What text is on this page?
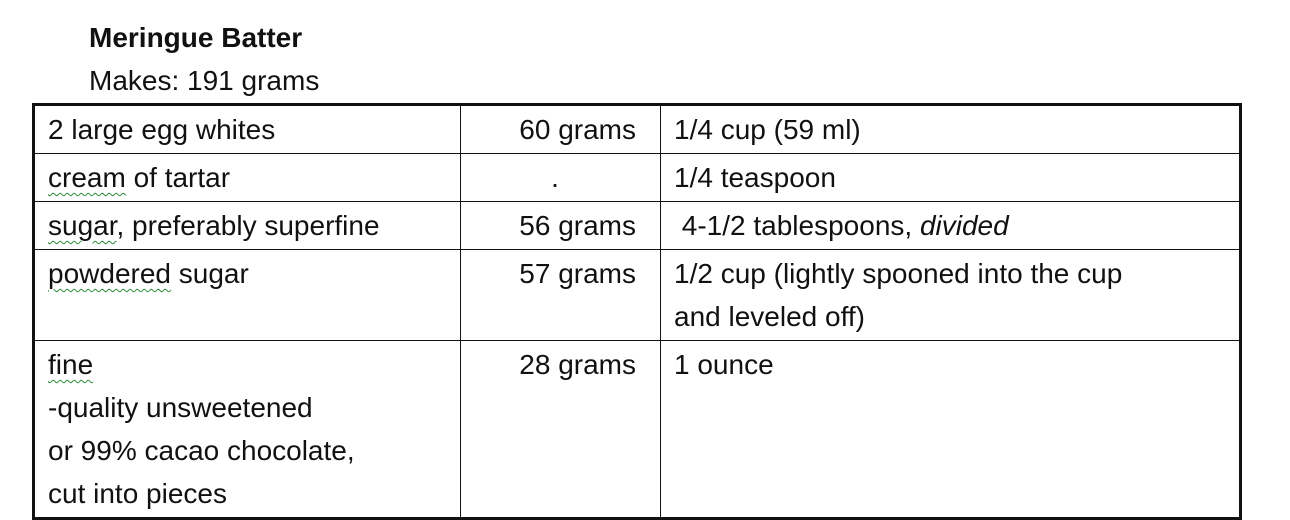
Meringue Batter
Makes: 191 grams
2 large egg whites	60 grams	1/4 cup (59 ml)
cream of tartar	.	1/4 teaspoon
sugar, preferably superfine	56 grams	4-1/2 tablespoons, divided
powdered sugar	57 grams	1/2 cup (lightly spooned into the cup
and leveled off)

fine
-quality unsweetened
or 99% cacao chocolate,
cut into pieces	28 grams	1 ounce
